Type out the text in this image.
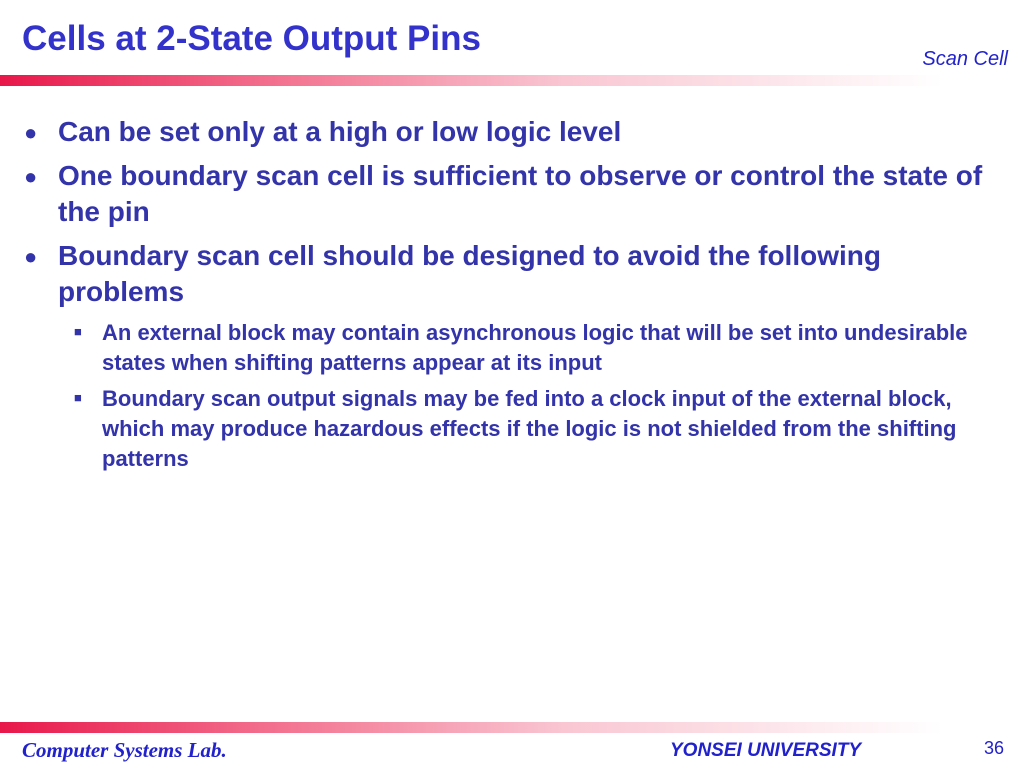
Cells at 2-State Output Pins
Scan Cell
● Can be set only at a high or low logic level
● One boundary scan cell is sufficient to observe or control the state of the pin
● Boundary scan cell should be designed to avoid the following problems
■ An external block may contain asynchronous logic that will be set into undesirable states when shifting patterns appear at its input
■ Boundary scan output signals may be fed into a clock input of the external block, which may produce hazardous effects if the logic is not shielded from the shifting patterns
Computer Systems Lab.	YONSEI UNIVERSITY	36
